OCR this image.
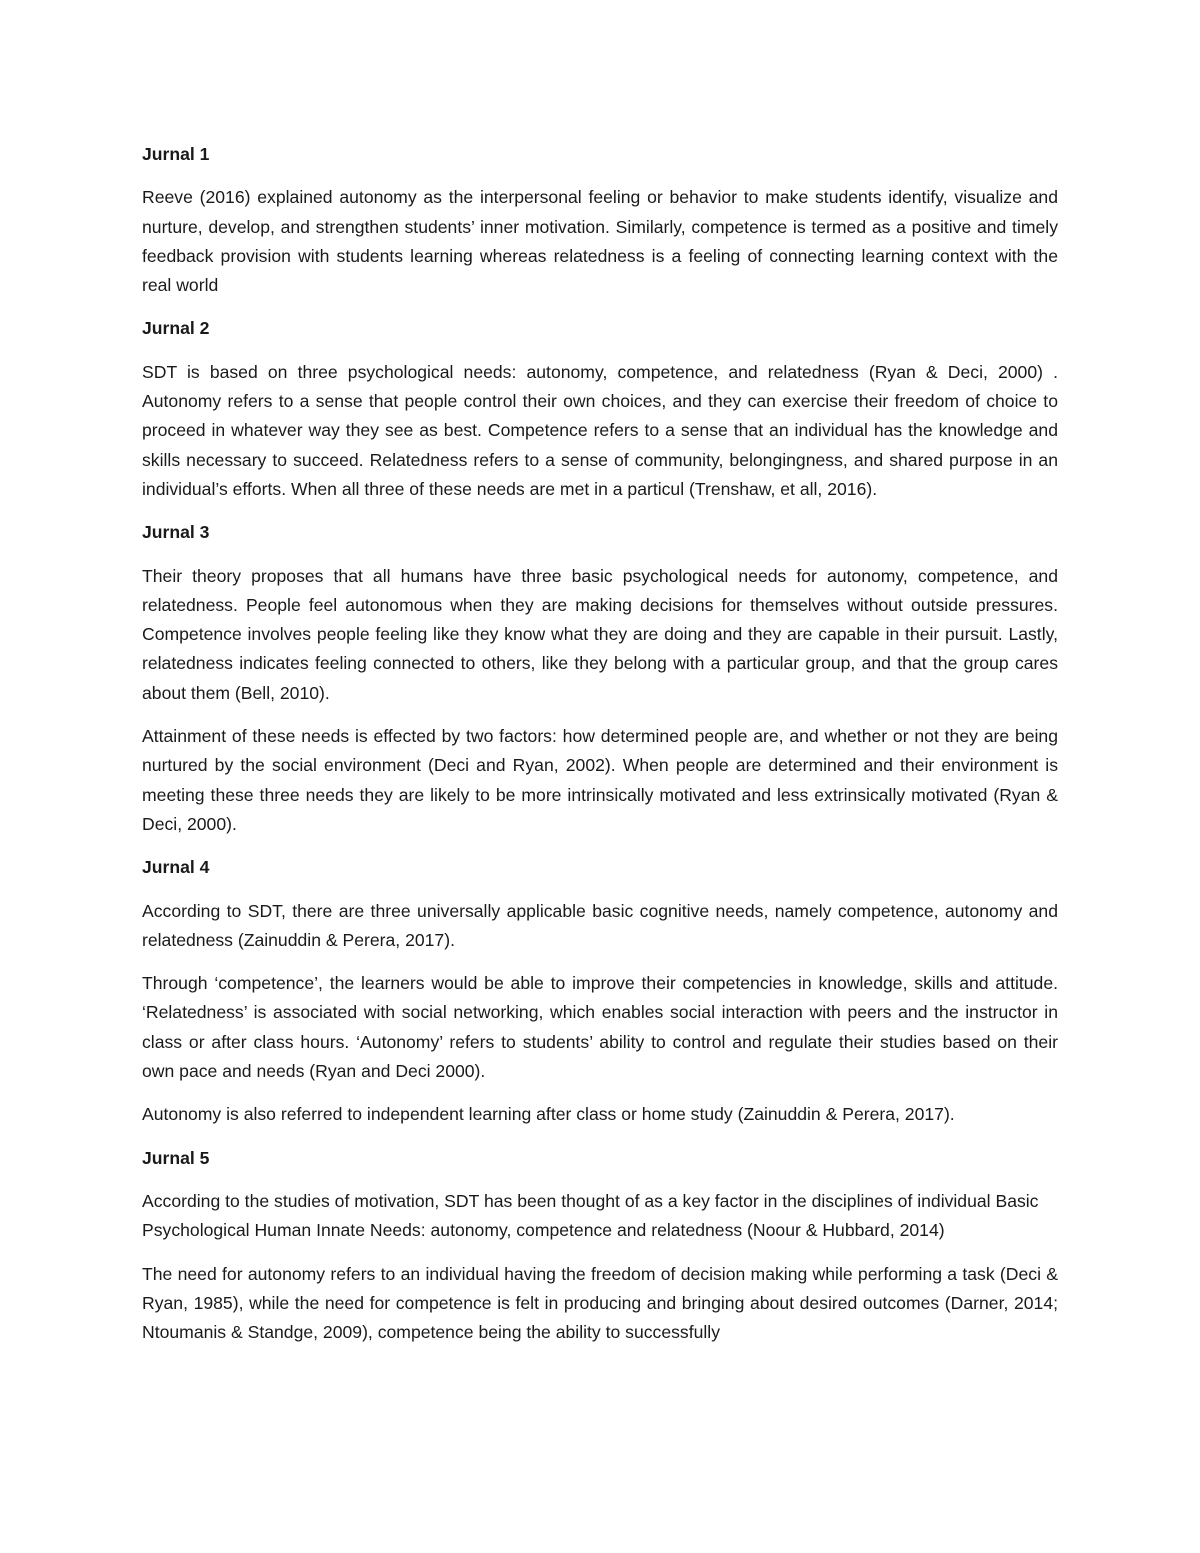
Jurnal 1

Reeve (2016) explained autonomy as the interpersonal feeling or behavior to make students identify, visualize and nurture, develop, and strengthen students’ inner motivation. Similarly, competence is termed as a positive and timely feedback provision with students learning whereas relatedness is a feeling of connecting learning context with the real world

Jurnal 2

SDT is based on three psychological needs: autonomy, competence, and relatedness (Ryan & Deci, 2000) . Autonomy refers to a sense that people control their own choices, and they can exercise their freedom of choice to proceed in whatever way they see as best. Competence refers to a sense that an individual has the knowledge and skills necessary to succeed. Relatedness refers to a sense of community, belongingness, and shared purpose in an individual’s efforts. When all three of these needs are met in a particul (Trenshaw, et all, 2016).

Jurnal 3

Their theory proposes that all humans have three basic psychological needs for autonomy, competence, and relatedness. People feel autonomous when they are making decisions for themselves without outside pressures. Competence involves people feeling like they know what they are doing and they are capable in their pursuit. Lastly, relatedness indicates feeling connected to others, like they belong with a particular group, and that the group cares about them (Bell, 2010).

Attainment of these needs is effected by two factors: how determined people are, and whether or not they are being nurtured by the social environment (Deci and Ryan, 2002). When people are determined and their environment is meeting these three needs they are likely to be more intrinsically motivated and less extrinsically motivated (Ryan & Deci, 2000).

Jurnal 4

According to SDT, there are three universally applicable basic cognitive needs, namely competence, autonomy and relatedness (Zainuddin & Perera, 2017).

Through ‘competence’, the learners would be able to improve their competencies in knowledge, skills and attitude. ‘Relatedness’ is associated with social networking, which enables social interaction with peers and the instructor in class or after class hours. ‘Autonomy’ refers to students’ ability to control and regulate their studies based on their own pace and needs (Ryan and Deci 2000).

Autonomy is also referred to independent learning after class or home study (Zainuddin & Perera, 2017).

Jurnal 5

According to the studies of motivation, SDT has been thought of as a key factor in the disciplines of individual Basic Psychological Human Innate Needs: autonomy, competence and relatedness (Noour & Hubbard, 2014)

The need for autonomy refers to an individual having the freedom of decision making while performing a task (Deci & Ryan, 1985), while the need for competence is felt in producing and bringing about desired outcomes (Darner, 2014; Ntoumanis & Standge, 2009), competence being the ability to successfully
